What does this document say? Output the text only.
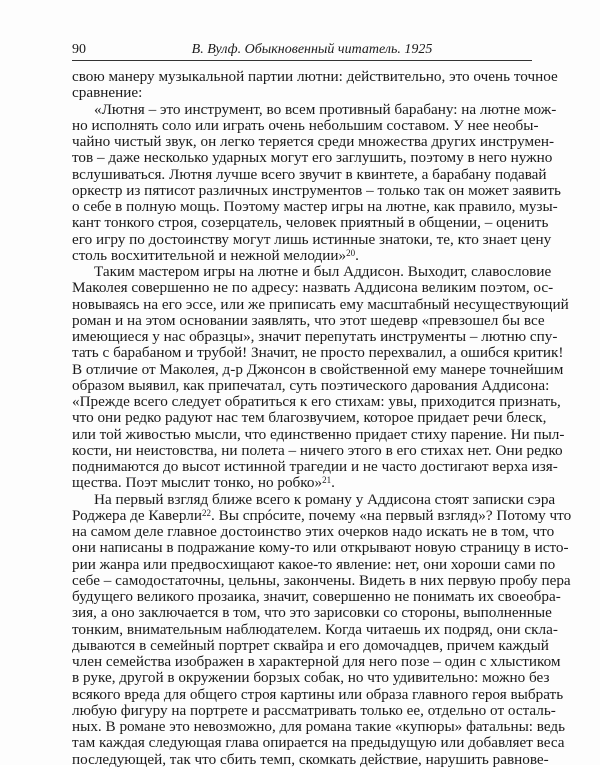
90	В. Вулф. Обыкновенный читатель. 1925
свою манеру музыкальной партии лютни: действительно, это очень точное
сравнение:
«Лютня – это инструмент, во всем противный барабану: на лютне мож-
но исполнять соло или играть очень небольшим составом. У нее необы-
чайно чистый звук, он легко теряется среди множества других инструмен-
тов – даже несколько ударных могут его заглушить, поэтому в него нужно
вслушиваться. Лютня лучше всего звучит в квинтете, а барабану подавай
оркестр из пятисот различных инструментов – только так он может заявить
о себе в полную мощь. Поэтому мастер игры на лютне, как правило, музы-
кант тонкого строя, созерцатель, человек приятный в общении, – оценить
его игру по достоинству могут лишь истинные знатоки, те, кто знает цену
столь восхитительной и нежной мелодии»$^{20}$.
Таким мастером игры на лютне и был Аддисон. Выходит, славословие
Маколея совершенно не по адресу: назвать Аддисона великим поэтом, ос-
новываясь на его эссе, или же приписать ему масштабный несуществующий
роман и на этом основании заявлять, что этот шедевр «превзошел бы все
имеющиеся у нас образцы», значит перепутать инструменты – лютню спу-
тать с барабаном и трубой! Значит, не просто перехвалил, а ошибся критик!
В отличие от Маколея, д-р Джонсон в свойственной ему манере точнейшим
образом выявил, как припечатал, суть поэтического дарования Аддисона:
«Прежде всего следует обратиться к его стихам: увы, приходится признать,
что они редко радуют нас тем благозвучием, которое придает речи блеск,
или той живостью мысли, что единственно придает стиху парение. Ни пыл-
кости, ни неистовства, ни полета – ничего этого в его стихах нет. Они редко
поднимаются до высот истинной трагедии и не часто достигают верха изя-
щества. Поэт мыслит тонко, но робко»$^{21}$.
На первый взгляд ближе всего к роману у Аддисона стоят записки сэра
Роджера де Каверли$^{22}$. Вы спрóсите, почему «на первый взгляд»? Потому что
на самом деле главное достоинство этих очерков надо искать не в том, что
они написаны в подражание кому-то или открывают новую страницу в исто-
рии жанра или предвосхищают какое-то явление: нет, они хороши сами по
себе – самодостаточны, цельны, закончены. Видеть в них первую пробу пера
будущего великого прозаика, значит, совершенно не понимать их своеобра-
зия, а оно заключается в том, что это зарисовки со стороны, выполненные
тонким, внимательным наблюдателем. Когда читаешь их подряд, они скла-
дываются в семейный портрет сквайра и его домочадцев, причем каждый
член семейства изображен в характерной для него позе – один с хлыстиком
в руке, другой в окружении борзых собак, но что удивительно: можно без
всякого вреда для общего строя картины или образа главного героя выбрать
любую фигуру на портрете и рассматривать только ее, отдельно от осталь-
ных. В романе это невозможно, для романа такие «купюры» фатальны: ведь
там каждая следующая глава опирается на предыдущую или добавляет веса
последующей, так что сбить темп, скомкать действие, нарушить равнове-
